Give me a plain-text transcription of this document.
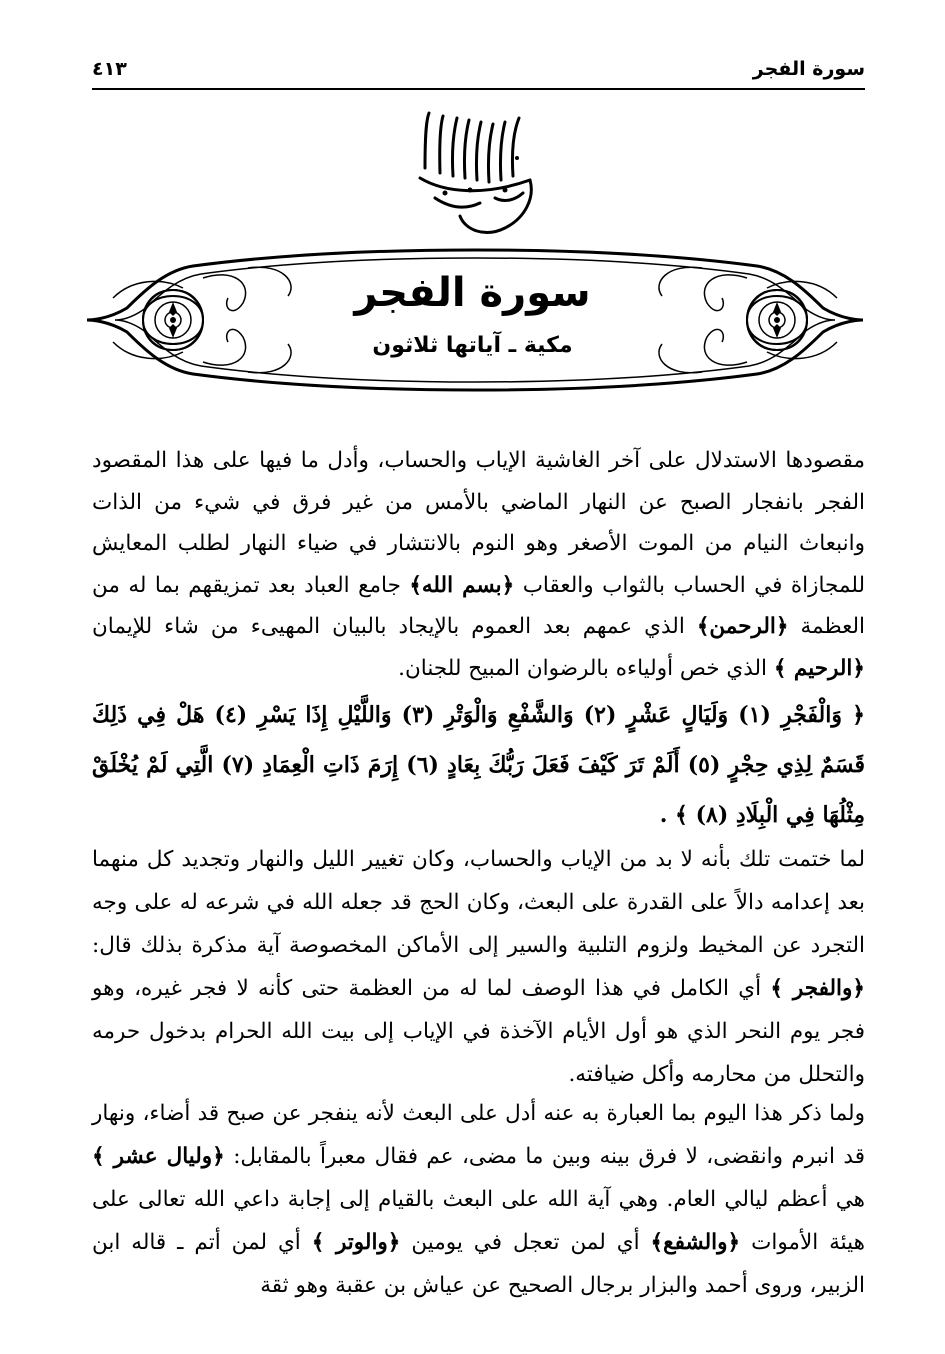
سورة الفجر
٤١٣
سورة الفجر
مكية ـ آياتها ثلاثون

مقصودها الاستدلال على آخر الغاشية الإياب والحساب، وأدل ما فيها على هذا المقصود الفجر بانفجار الصبح عن النهار الماضي بالأمس من غير فرق في شيء من الذات وانبعاث النيام من الموت الأصغر وهو النوم بالانتشار في ضياء النهار لطلب المعايش للمجازاة في الحساب بالثواب والعقاب ﴿بسم الله﴾ جامع العباد بعد تمزيقهم بما له من العظمة ﴿الرحمن﴾ الذي عمهم بعد العموم بالإيجاد بالبيان المهيىء من شاء للإيمان ﴿الرحيم ﴾ الذي خص أولياءه بالرضوان المبيح للجنان.

﴿ وَالْفَجْرِ (١) وَلَيَالٍ عَشْرٍ (٢) وَالشَّفْعِ وَالْوَتْرِ (٣) وَاللَّيْلِ إِذَا يَسْرِ (٤) هَلْ فِي ذَلِكَ قَسَمٌ لِذِي حِجْرٍ (٥) أَلَمْ تَرَ كَيْفَ فَعَلَ رَبُّكَ بِعَادٍ (٦) إِرَمَ ذَاتِ الْعِمَادِ (٧) الَّتِي لَمْ يُخْلَقْ مِثْلُهَا فِي الْبِلَادِ (٨) ﴾ .

لما ختمت تلك بأنه لا بد من الإياب والحساب، وكان تغيير الليل والنهار وتجديد كل منهما بعد إعدامه دالاً على القدرة على البعث، وكان الحج قد جعله الله في شرعه له على وجه التجرد عن المخيط ولزوم التلبية والسير إلى الأماكن المخصوصة آية مذكرة بذلك قال: ﴿والفجر ﴾ أي الكامل في هذا الوصف لما له من العظمة حتى كأنه لا فجر غيره، وهو فجر يوم النحر الذي هو أول الأيام الآخذة في الإياب إلى بيت الله الحرام بدخول حرمه والتحلل من محارمه وأكل ضيافته.

ولما ذكر هذا اليوم بما العبارة به عنه أدل على البعث لأنه ينفجر عن صبح قد أضاء، ونهار قد انبرم وانقضى، لا فرق بينه وبين ما مضى، عم فقال معبراً بالمقابل: ﴿وليال عشر ﴾ هي أعظم ليالي العام. وهي آية الله على البعث بالقيام إلى إجابة داعي الله تعالى على هيئة الأموات ﴿والشفع﴾ أي لمن تعجل في يومين ﴿والوتر ﴾ أي لمن أتم ـ قاله ابن الزبير، وروى أحمد والبزار برجال الصحيح عن عياش بن عقبة وهو ثقة
